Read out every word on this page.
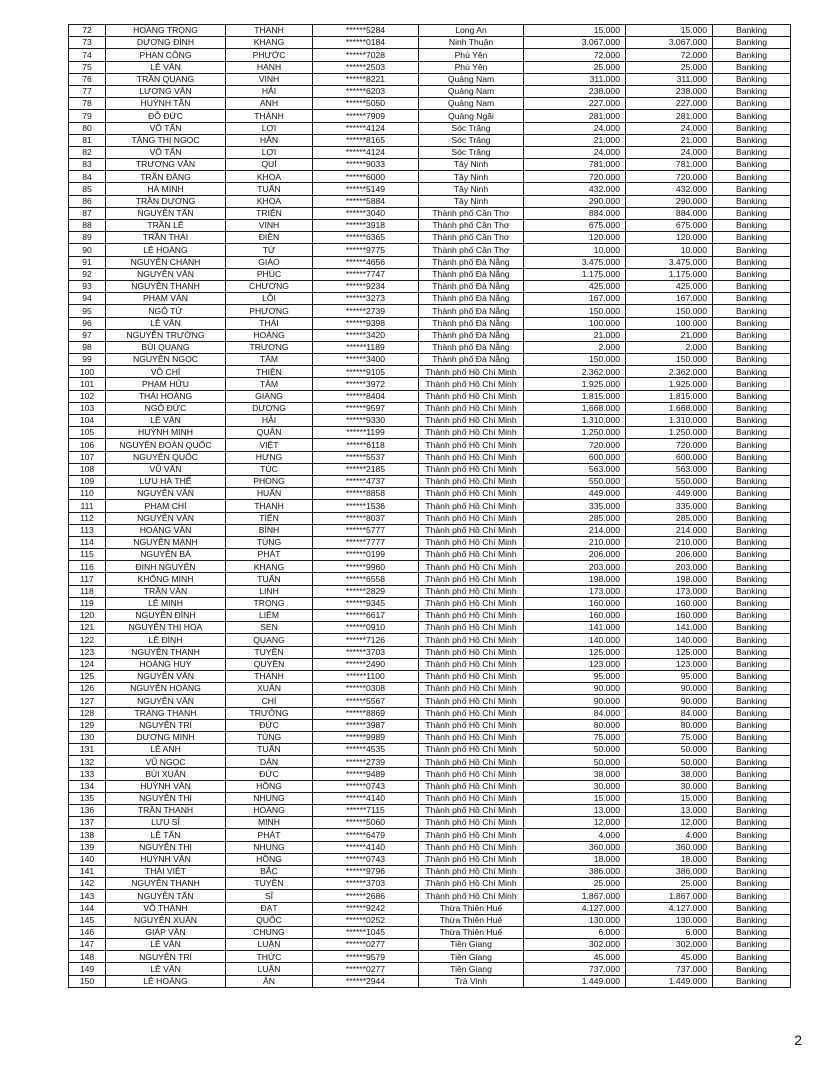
72	HOÀNG TRỌNG	THANH	******5284	Long An	15.000	15.000	Banking
73	DƯƠNG ĐÌNH	KHANG	******0184	Ninh Thuận	3.067.000	3.067.000	Banking
74	PHAN CÔNG	PHƯỚC	******7028	Phú Yên	72.000	72.000	Banking
75	LÊ VĂN	HẠNH	******2503	Phú Yên	25.000	25.000	Banking
76	TRẦN QUANG	VINH	******8221	Quảng Nam	311.000	311.000	Banking
77	LƯƠNG VĂN	HẢI	******6203	Quảng Nam	238.000	238.000	Banking
78	HUỲNH TẤN	ANH	******5050	Quảng Nam	227.000	227.000	Banking
79	ĐỖ ĐỨC	THÀNH	******7909	Quảng Ngãi	281.000	281.000	Banking
80	VÕ TẤN	LỢI	******4124	Sóc Trăng	24.000	24.000	Banking
81	TĂNG THỊ NGỌC	HÂN	******8165	Sóc Trăng	21.000	21.000	Banking
82	VÕ TẤN	LỢI	******4124	Sóc Trăng	24.000	24.000	Banking
83	TRƯƠNG VĂN	QUÍ	******9033	Tây Ninh	781.000	781.000	Banking
84	TRẦN ĐĂNG	KHOA	******6000	Tây Ninh	720.000	720.000	Banking
85	HÀ MINH	TUẤN	******5149	Tây Ninh	432.000	432.000	Banking
86	TRẦN DƯƠNG	KHOA	******5884	Tây Ninh	290.000	290.000	Banking
87	NGUYỄN TẤN	TRIỆN	******3040	Thành phố Cần Thơ	884.000	884.000	Banking
88	TRẦN LÊ	VINH	******3918	Thành phố Cần Thơ	675.000	675.000	Banking
89	TRẦN THÁI	ĐIỀN	******6365	Thành phố Cần Thơ	120.000	120.000	Banking
90	LÊ HOÀNG	TỨ	******9775	Thành phố Cần Thơ	10.000	10.000	Banking
91	NGUYỄN CHÁNH	GIÁO	******4656	Thành phố Đà Nẵng	3.475.000	3.475.000	Banking
92	NGUYỄN VĂN	PHÚC	******7747	Thành phố Đà Nẵng	1.175.000	1.175.000	Banking
93	NGUYỄN THANH	CHƯƠNG	******9234	Thành phố Đà Nẵng	425.000	425.000	Banking
94	PHẠM VĂN	LỖI	******3273	Thành phố Đà Nẵng	167.000	167.000	Banking
95	NGÔ TỬ	PHƯƠNG	******2739	Thành phố Đà Nẵng	150.000	150.000	Banking
96	LÊ VĂN	THÁI	******9398	Thành phố Đà Nẵng	100.000	100.000	Banking
97	NGUYỄN TRƯỜNG	HOÀNG	******3420	Thành phố Đà Nẵng	21.000	21.000	Banking
98	BÙI QUANG	TRƯƠNG	******1189	Thành phố Đà Nẵng	2.000	2.000	Banking
99	NGUYỄN NGỌC	TÂM	******3400	Thành phố Đà Nẵng	150.000	150.000	Banking
100	VÕ CHÍ	THIỆN	******9105	Thành phố Hồ Chí Minh	2.362.000	2.362.000	Banking
101	PHẠM HỮU	TÂM	******3972	Thành phố Hồ Chí Minh	1.925.000	1.925.000	Banking
102	THÁI HOÀNG	GIANG	******8404	Thành phố Hồ Chí Minh	1.815.000	1.815.000	Banking
103	NGÔ ĐỨC	DƯƠNG	******9597	Thành phố Hồ Chí Minh	1.668.000	1.668.000	Banking
104	LÊ VĂN	HẢI	******9330	Thành phố Hồ Chí Minh	1.310.000	1.310.000	Banking
105	HUỲNH MINH	QUÂN	******1199	Thành phố Hồ Chí Minh	1.250.000	1.250.000	Banking
106	NGUYỄN ĐOÀN QUỐC	VIỆT	******6118	Thành phố Hồ Chí Minh	720.000	720.000	Banking
107	NGUYỄN QUỐC	HƯNG	******5537	Thành phố Hồ Chí Minh	600.000	600.000	Banking
108	VŨ VĂN	TÚC	******2185	Thành phố Hồ Chí Minh	563.000	563.000	Banking
109	LƯU HÀ THẾ	PHONG	******4737	Thành phố Hồ Chí Minh	550.000	550.000	Banking
110	NGUYỄN VĂN	HUẤN	******8858	Thành phố Hồ Chí Minh	449.000	449.000	Banking
111	PHẠM CHÍ	THANH	******1536	Thành phố Hồ Chí Minh	335.000	335.000	Banking
112	NGUYỄN VĂN	TIẾN	******8037	Thành phố Hồ Chí Minh	285.000	285.000	Banking
113	HOÀNG VĂN	BÌNH	******5777	Thành phố Hồ Chí Minh	214.000	214.000	Banking
114	NGUYỄN MẠNH	TÙNG	******7777	Thành phố Hồ Chí Minh	210.000	210.000	Banking
115	NGUYỄN BÁ	PHÁT	******0199	Thành phố Hồ Chí Minh	206.000	206.000	Banking
116	ĐINH NGUYÊN	KHANG	******9960	Thành phố Hồ Chí Minh	203.000	203.000	Banking
117	KHỔNG MINH	TUẤN	******6558	Thành phố Hồ Chí Minh	198.000	198.000	Banking
118	TRẦN VĂN	LINH	******2829	Thành phố Hồ Chí Minh	173.000	173.000	Banking
119	LÊ MINH	TRỌNG	******9345	Thành phố Hồ Chí Minh	160.000	160.000	Banking
120	NGUYỄN ĐÌNH	LIÊM	******6617	Thành phố Hồ Chí Minh	160.000	160.000	Banking
121	NGUYỄN THỊ HOA	SEN	******0910	Thành phố Hồ Chí Minh	141.000	141.000	Banking
122	LÊ ĐÌNH	QUANG	******7126	Thành phố Hồ Chí Minh	140.000	140.000	Banking
123	NGUYỄN THANH	TUYỀN	******3703	Thành phố Hồ Chí Minh	125.000	125.000	Banking
124	HOÀNG HUY	QUYỀN	******2490	Thành phố Hồ Chí Minh	123.000	123.000	Banking
125	NGUYỄN VĂN	THANH	******1100	Thành phố Hồ Chí Minh	95.000	95.000	Banking
126	NGUYỄN HOÀNG	XUÂN	******0308	Thành phố Hồ Chí Minh	90.000	90.000	Banking
127	NGUYỄN VĂN	CHÍ	******5567	Thành phố Hồ Chí Minh	90.000	90.000	Banking
128	TRANG THANH	TRƯỞNG	******8869	Thành phố Hồ Chí Minh	84.000	84.000	Banking
129	NGUYỄN TRÍ	ĐỨC	******3987	Thành phố Hồ Chí Minh	80.000	80.000	Banking
130	DƯƠNG MINH	TÙNG	******9989	Thành phố Hồ Chí Minh	75.000	75.000	Banking
131	LÊ ANH	TUẤN	******4535	Thành phố Hồ Chí Minh	50.000	50.000	Banking
132	VŨ NGỌC	DÂN	******2739	Thành phố Hồ Chí Minh	50.000	50.000	Banking
133	BÙI XUÂN	ĐỨC	******9489	Thành phố Hồ Chí Minh	38.000	38.000	Banking
134	HUỲNH VĂN	HỒNG	******0743	Thành phố Hồ Chí Minh	30.000	30.000	Banking
135	NGUYỄN THỊ	NHUNG	******4140	Thành phố Hồ Chí Minh	15.000	15.000	Banking
136	TRẦN THANH	HOÀNG	******7115	Thành phố Hồ Chí Minh	13.000	13.000	Banking
137	LƯU SĨ	MINH	******5060	Thành phố Hồ Chí Minh	12.000	12.000	Banking
138	LÊ TẤN	PHÁT	******6479	Thành phố Hồ Chí Minh	4.000	4.000	Banking
139	NGUYỄN THỊ	NHUNG	******4140	Thành phố Hồ Chí Minh	360.000	360.000	Banking
140	HUỲNH VĂN	HỒNG	******0743	Thành phố Hồ Chí Minh	18.000	18.000	Banking
141	THÁI VIỆT	BẮC	******9796	Thành phố Hồ Chí Minh	386.000	386.000	Banking
142	NGUYỄN THANH	TUYỀN	******3703	Thành phố Hồ Chí Minh	25.000	25.000	Banking
143	NGUYỄN TẤN	SĨ	******2686	Thành phố Hồ Chí Minh	1.867.000	1.867.000	Banking
144	VÕ THÀNH	ĐẠT	******9242	Thừa Thiên Huế	4.127.000	4.127.000	Banking
145	NGUYỄN XUÂN	QUỐC	******0252	Thừa Thiên Huế	130.000	130.000	Banking
146	GIÁP VĂN	CHUNG	******1045	Thừa Thiên Huế	6.000	6.000	Banking
147	LÊ VĂN	LUẬN	******0277	Tiền Giang	302.000	302.000	Banking
148	NGUYỄN TRÍ	THỨC	******9579	Tiền Giang	45.000	45.000	Banking
149	LÊ VĂN	LUẬN	******0277	Tiền Giang	737.000	737.000	Banking
150	LÊ HOÀNG	ÂN	******2944	Trà Vinh	1.449.000	1.449.000	Banking
2
